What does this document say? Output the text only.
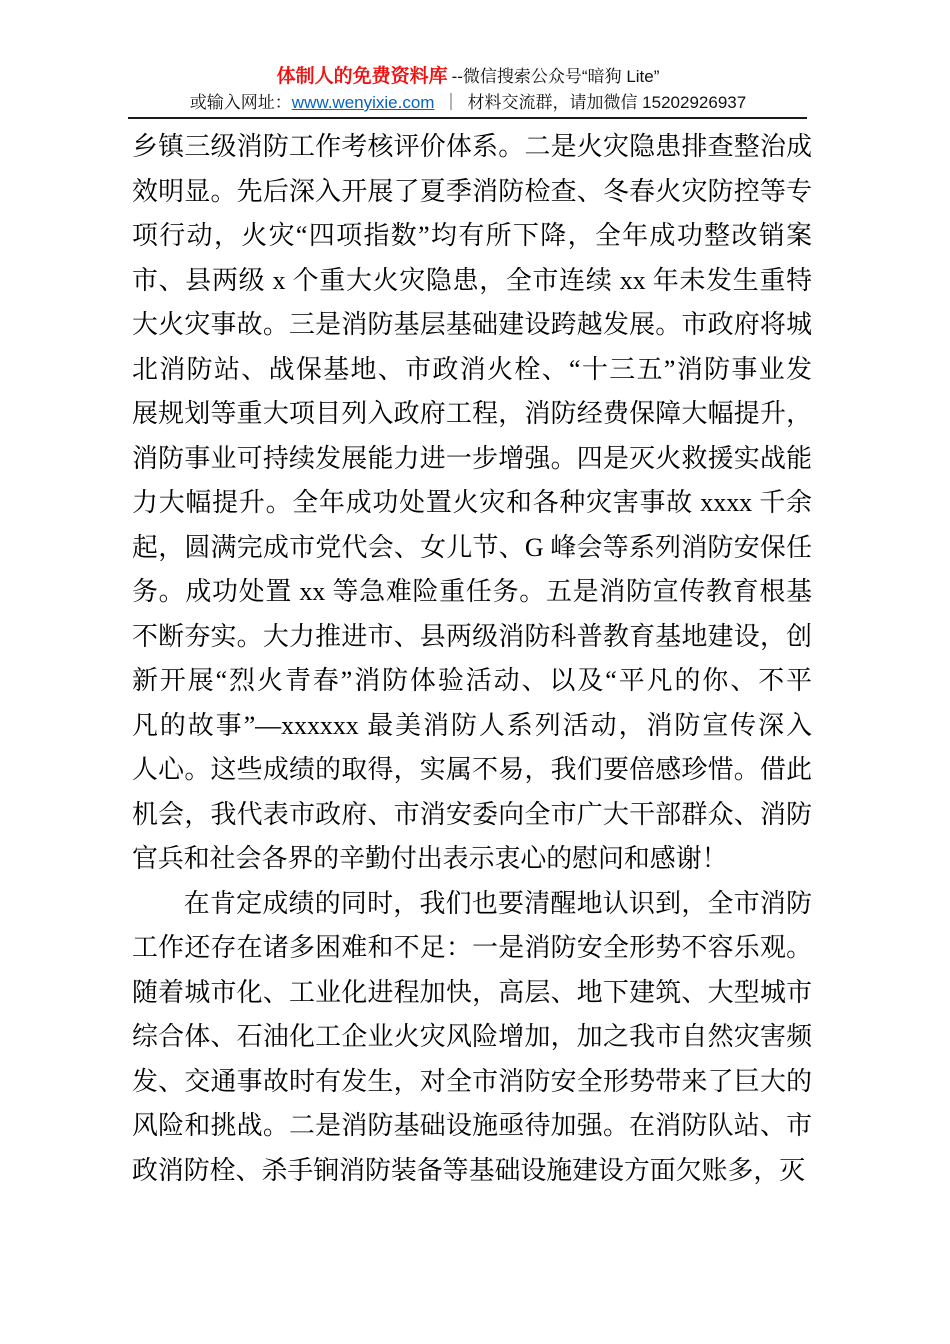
体制人的免费资料库 --微信搜索公众号“暗狗 Lite”
或输入网址：www.wenyixie.com ｜ 材料交流群，请加微信 15202926937
乡镇三级消防工作考核评价体系。二是火灾隐患排查整治成
效明显。先后深入开展了夏季消防检查、冬春火灾防控等专
项行动，火灾“四项指数”均有所下降，全年成功整改销案
市、县两级 x 个重大火灾隐患，全市连续 xx 年未发生重特
大火灾事故。三是消防基层基础建设跨越发展。市政府将城
北消防站、战保基地、市政消火栓、“十三五”消防事业发
展规划等重大项目列入政府工程，消防经费保障大幅提升，
消防事业可持续发展能力进一步增强。四是灭火救援实战能
力大幅提升。全年成功处置火灾和各种灾害事故 xxxx 千余
起，圆满完成市党代会、女儿节、G 峰会等系列消防安保任
务。成功处置 xx 等急难险重任务。五是消防宣传教育根基
不断夯实。大力推进市、县两级消防科普教育基地建设，创
新开展“烈火青春”消防体验活动、以及“平凡的你、不平
凡的故事”—xxxxxx 最美消防人系列活动，消防宣传深入
人心。这些成绩的取得，实属不易，我们要倍感珍惜。借此
机会，我代表市政府、市消安委向全市广大干部群众、消防
官兵和社会各界的辛勤付出表示衷心的慰问和感谢！
在肯定成绩的同时，我们也要清醒地认识到，全市消防
工作还存在诸多困难和不足：一是消防安全形势不容乐观。
随着城市化、工业化进程加快，高层、地下建筑、大型城市
综合体、石油化工企业火灾风险增加，加之我市自然灾害频
发、交通事故时有发生，对全市消防安全形势带来了巨大的
风险和挑战。二是消防基础设施亟待加强。在消防队站、市
政消防栓、杀手锏消防装备等基础设施建设方面欠账多，灭
